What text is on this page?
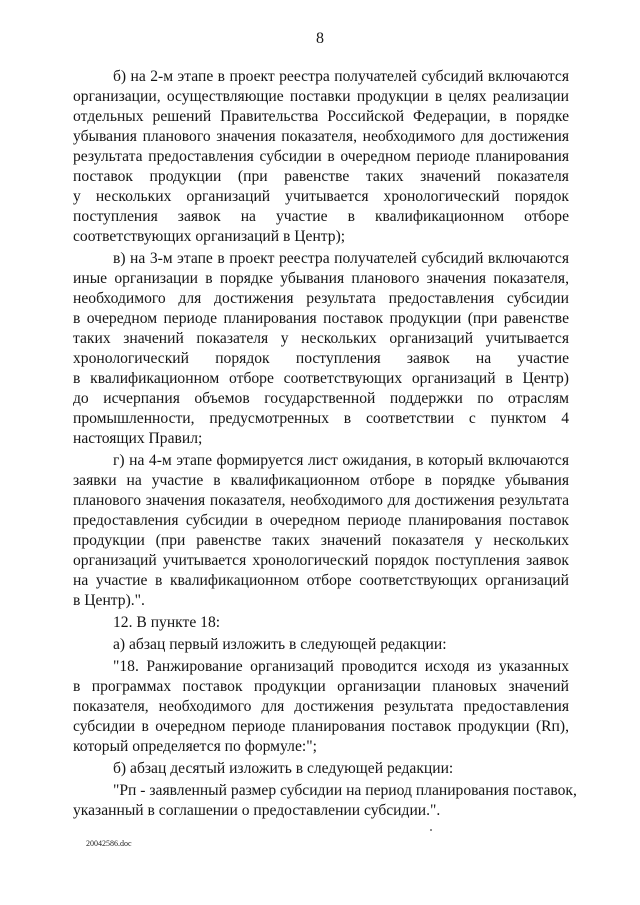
8
б) на 2-м этапе в проект реестра получателей субсидий включаются
организации, осуществляющие поставки продукции в целях реализации
отдельных решений Правительства Российской Федерации, в порядке
убывания планового значения показателя, необходимого для достижения
результата предоставления субсидии в очередном периоде планирования
поставок продукции (при равенстве таких значений показателя
у нескольких организаций учитывается хронологический порядок
поступления заявок на участие в квалификационном отборе
соответствующих организаций в Центр);
в) на 3-м этапе в проект реестра получателей субсидий включаются
иные организации в порядке убывания планового значения показателя,
необходимого для достижения результата предоставления субсидии
в очередном периоде планирования поставок продукции (при равенстве
таких значений показателя у нескольких организаций учитывается
хронологический порядок поступления заявок на участие
в квалификационном отборе соответствующих организаций в Центр)
до исчерпания объемов государственной поддержки по отраслям
промышленности, предусмотренных в соответствии с пунктом 4
настоящих Правил;
г) на 4-м этапе формируется лист ожидания, в который включаются
заявки на участие в квалификационном отборе в порядке убывания
планового значения показателя, необходимого для достижения результата
предоставления субсидии в очередном периоде планирования поставок
продукции (при равенстве таких значений показателя у нескольких
организаций учитывается хронологический порядок поступления заявок
на участие в квалификационном отборе соответствующих организаций
в Центр).".
12. В пункте 18:
а) абзац первый изложить в следующей редакции:
"18. Ранжирование организаций проводится исходя из указанных
в программах поставок продукции организации плановых значений
показателя, необходимого для достижения результата предоставления
субсидии в очередном периоде планирования поставок продукции (Rп),
который определяется по формуле:";
б) абзац десятый изложить в следующей редакции:
"Pп - заявленный размер субсидии на период планирования поставок,
указанный в соглашении о предоставлении субсидии.".
20042586.doc
